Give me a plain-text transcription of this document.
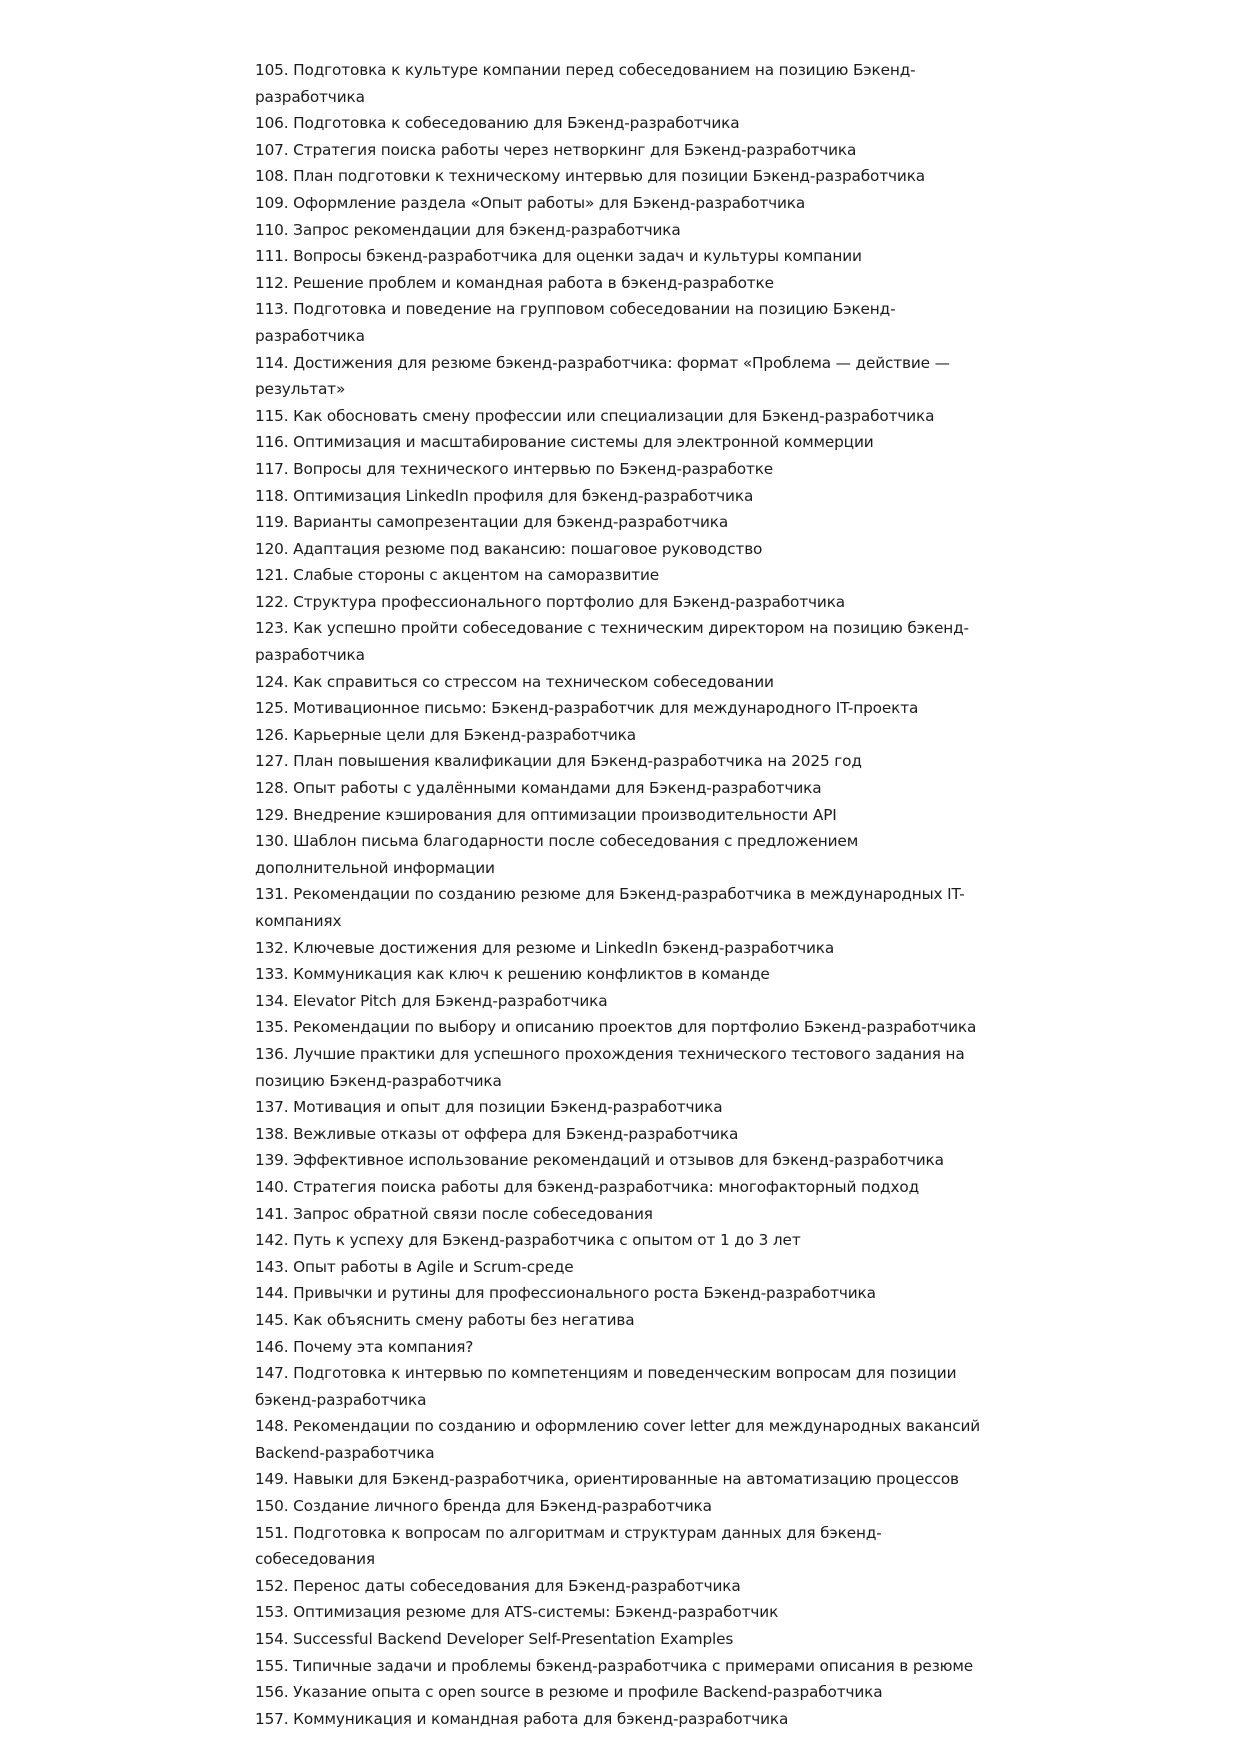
105. Подготовка к культуре компании перед собеседованием на позицию Бэкенд-разработчика
106. Подготовка к собеседованию для Бэкенд-разработчика
107. Стратегия поиска работы через нетворкинг для Бэкенд-разработчика
108. План подготовки к техническому интервью для позиции Бэкенд-разработчика
109. Оформление раздела «Опыт работы» для Бэкенд-разработчика
110. Запрос рекомендации для бэкенд-разработчика
111. Вопросы бэкенд-разработчика для оценки задач и культуры компании
112. Решение проблем и командная работа в бэкенд-разработке
113. Подготовка и поведение на групповом собеседовании на позицию Бэкенд-разработчика
114. Достижения для резюме бэкенд-разработчика: формат «Проблема — действие — результат»
115. Как обосновать смену профессии или специализации для Бэкенд-разработчика
116. Оптимизация и масштабирование системы для электронной коммерции
117. Вопросы для технического интервью по Бэкенд-разработке
118. Оптимизация LinkedIn профиля для бэкенд-разработчика
119. Варианты самопрезентации для бэкенд-разработчика
120. Адаптация резюме под вакансию: пошаговое руководство
121. Слабые стороны с акцентом на саморазвитие
122. Структура профессионального портфолио для Бэкенд-разработчика
123. Как успешно пройти собеседование с техническим директором на позицию бэкенд-разработчика
124. Как справиться со стрессом на техническом собеседовании
125. Мотивационное письмо: Бэкенд-разработчик для международного IT-проекта
126. Карьерные цели для Бэкенд-разработчика
127. План повышения квалификации для Бэкенд-разработчика на 2025 год
128. Опыт работы с удалёнными командами для Бэкенд-разработчика
129. Внедрение кэширования для оптимизации производительности API
130. Шаблон письма благодарности после собеседования с предложением дополнительной информации
131. Рекомендации по созданию резюме для Бэкенд-разработчика в международных IT-компаниях
132. Ключевые достижения для резюме и LinkedIn бэкенд-разработчика
133. Коммуникация как ключ к решению конфликтов в команде
134. Elevator Pitch для Бэкенд-разработчика
135. Рекомендации по выбору и описанию проектов для портфолио Бэкенд-разработчика
136. Лучшие практики для успешного прохождения технического тестового задания на позицию Бэкенд-разработчика
137. Мотивация и опыт для позиции Бэкенд-разработчика
138. Вежливые отказы от оффера для Бэкенд-разработчика
139. Эффективное использование рекомендаций и отзывов для бэкенд-разработчика
140. Стратегия поиска работы для бэкенд-разработчика: многофакторный подход
141. Запрос обратной связи после собеседования
142. Путь к успеху для Бэкенд-разработчика с опытом от 1 до 3 лет
143. Опыт работы в Agile и Scrum-среде
144. Привычки и рутины для профессионального роста Бэкенд-разработчика
145. Как объяснить смену работы без негатива
146. Почему эта компания?
147. Подготовка к интервью по компетенциям и поведенческим вопросам для позиции бэкенд-разработчика
148. Рекомендации по созданию и оформлению cover letter для международных вакансий Backend-разработчика
149. Навыки для Бэкенд-разработчика, ориентированные на автоматизацию процессов
150. Создание личного бренда для Бэкенд-разработчика
151. Подготовка к вопросам по алгоритмам и структурам данных для бэкенд-собеседования
152. Перенос даты собеседования для Бэкенд-разработчика
153. Оптимизация резюме для ATS-системы: Бэкенд-разработчик
154. Successful Backend Developer Self-Presentation Examples
155. Типичные задачи и проблемы бэкенд-разработчика с примерами описания в резюме
156. Указание опыта с open source в резюме и профиле Backend-разработчика
157. Коммуникация и командная работа для бэкенд-разработчика
